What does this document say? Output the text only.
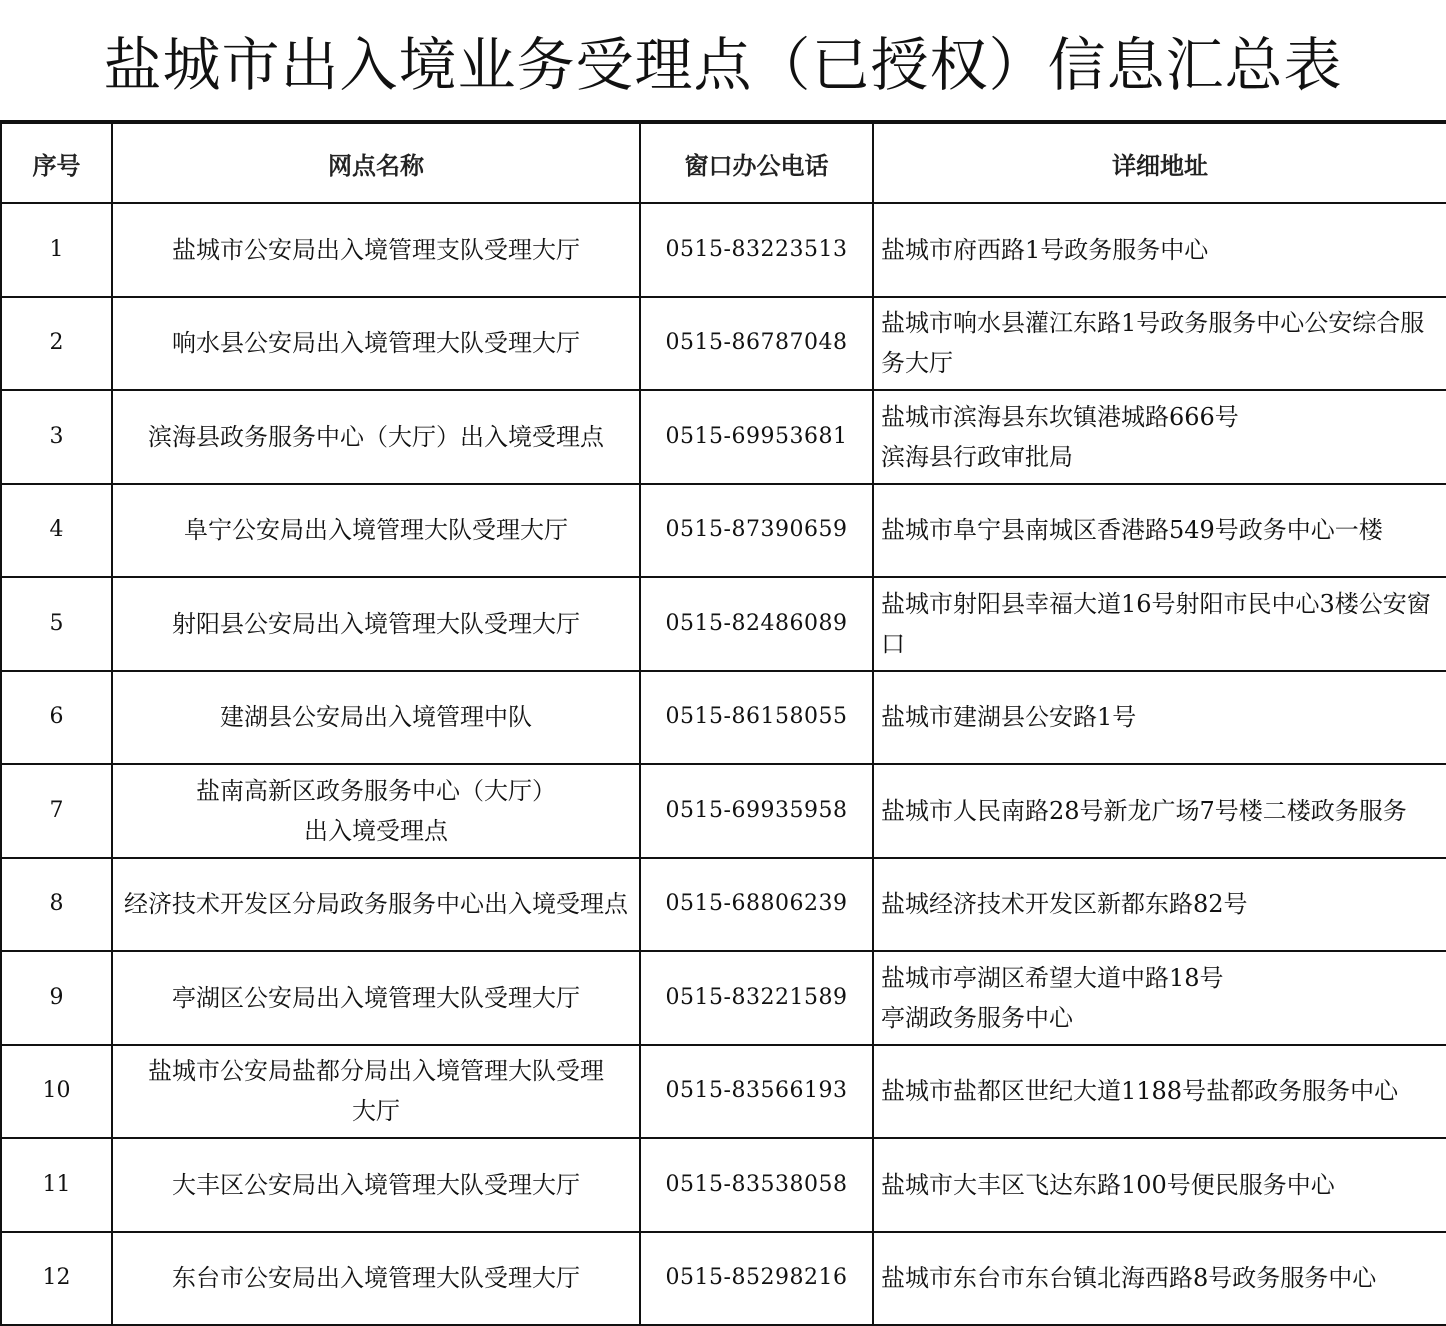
盐城市出入境业务受理点（已授权）信息汇总表
序号	网点名称	窗口办公电话	详细地址
1	盐城市公安局出入境管理支队受理大厅	0515-83223513	盐城市府西路1号政务服务中心
2	响水县公安局出入境管理大队受理大厅	0515-86787048	盐城市响水县灌江东路1号政务服务中心公安综合服务大厅
3	滨海县政务服务中心（大厅）出入境受理点	0515-69953681	盐城市滨海县东坎镇港城路666号
滨海县行政审批局
4	阜宁公安局出入境管理大队受理大厅	0515-87390659	盐城市阜宁县南城区香港路549号政务中心一楼
5	射阳县公安局出入境管理大队受理大厅	0515-82486089	盐城市射阳县幸福大道16号射阳市民中心3楼公安窗口
6	建湖县公安局出入境管理中队	0515-86158055	盐城市建湖县公安路1号
7	盐南高新区政务服务中心（大厅）
出入境受理点	0515-69935958	盐城市人民南路28号新龙广场7号楼二楼政务服务
8	经济技术开发区分局政务服务中心出入境受理点	0515-68806239	盐城经济技术开发区新都东路82号
9	亭湖区公安局出入境管理大队受理大厅	0515-83221589	盐城市亭湖区希望大道中路18号
亭湖政务服务中心
10	盐城市公安局盐都分局出入境管理大队受理
大厅	0515-83566193	盐城市盐都区世纪大道1188号盐都政务服务中心
11	大丰区公安局出入境管理大队受理大厅	0515-83538058	盐城市大丰区飞达东路100号便民服务中心
12	东台市公安局出入境管理大队受理大厅	0515-85298216	盐城市东台市东台镇北海西路8号政务服务中心
